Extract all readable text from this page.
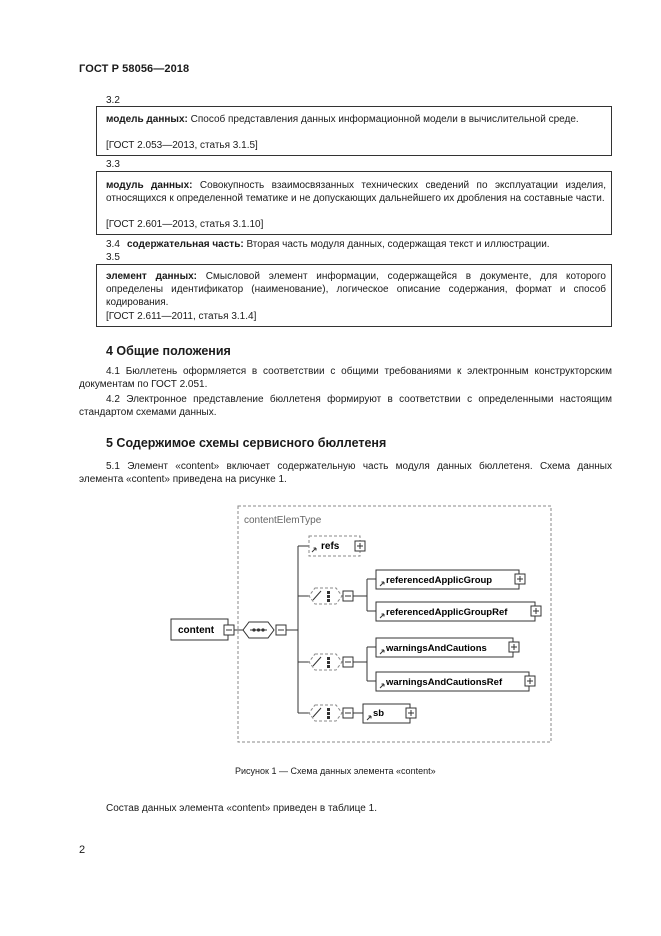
ГОСТ Р 58056—2018
3.2
модель данных: Способ представления данных информационной модели в вычислительной среде.
[ГОСТ 2.053—2013, статья 3.1.5]
3.3
модуль данных: Совокупность взаимосвязанных технических сведений по эксплуатации изделия, относящихся к определенной тематике и не допускающих дальнейшего их дробления на составные части.
[ГОСТ 2.601—2013, статья 3.1.10]
3.4 содержательная часть: Вторая часть модуля данных, содержащая текст и иллюстрации.
3.5
элемент данных: Смысловой элемент информации, содержащейся в документе, для которого определены идентификатор (наименование), логическое описание содержания, формат и способ кодирования.
[ГОСТ 2.611—2011, статья 3.1.4]
4 Общие положения
4.1 Бюллетень оформляется в соответствии с общими требованиями к электронным конструкторским документам по ГОСТ 2.051.
4.2 Электронное представление бюллетеня формируют в соответствии с определенными настоящим стандартом схемами данных.
5 Содержимое схемы сервисного бюллетеня
5.1 Элемент «content» включает содержательную часть модуля данных бюллетеня. Схема данных элемента «content» приведена на рисунке 1.
contentElemType
content
refs
referencedApplicGroup
referencedApplicGroupRef
warningsAndCautions
warningsAndCautionsRef
sb
Рисунок 1 — Схема данных элемента «content»
Состав данных элемента «content» приведен в таблице 1.
2
